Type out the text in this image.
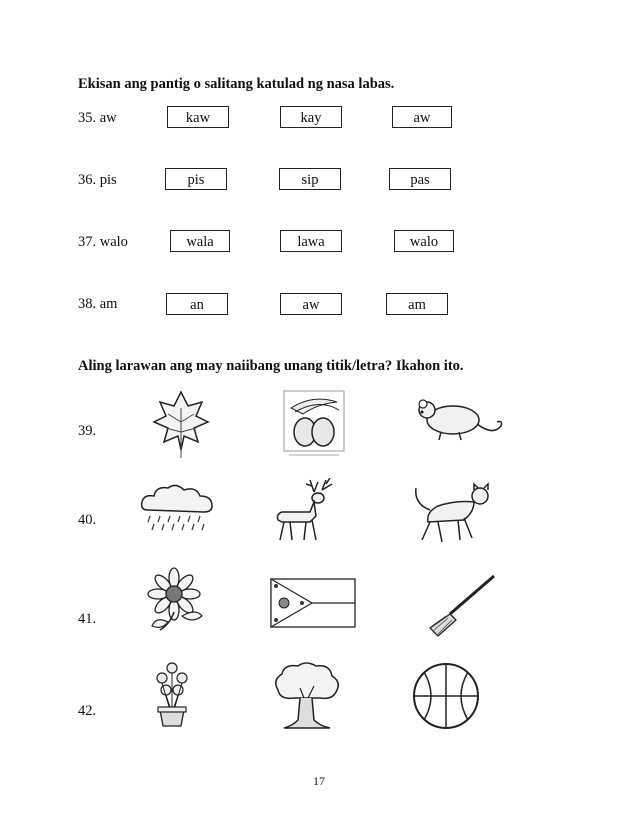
Ekisan ang pantig o salitang katulad ng nasa labas.
35. aw	kaw	kay	aw
36. pis	pis	sip	pas
37. walo	wala	lawa	walo
38. am	an	aw	am
Aling larawan ang may naiibang unang titik/letra? Ikahon ito.
39.
40.
41.
42.
17
